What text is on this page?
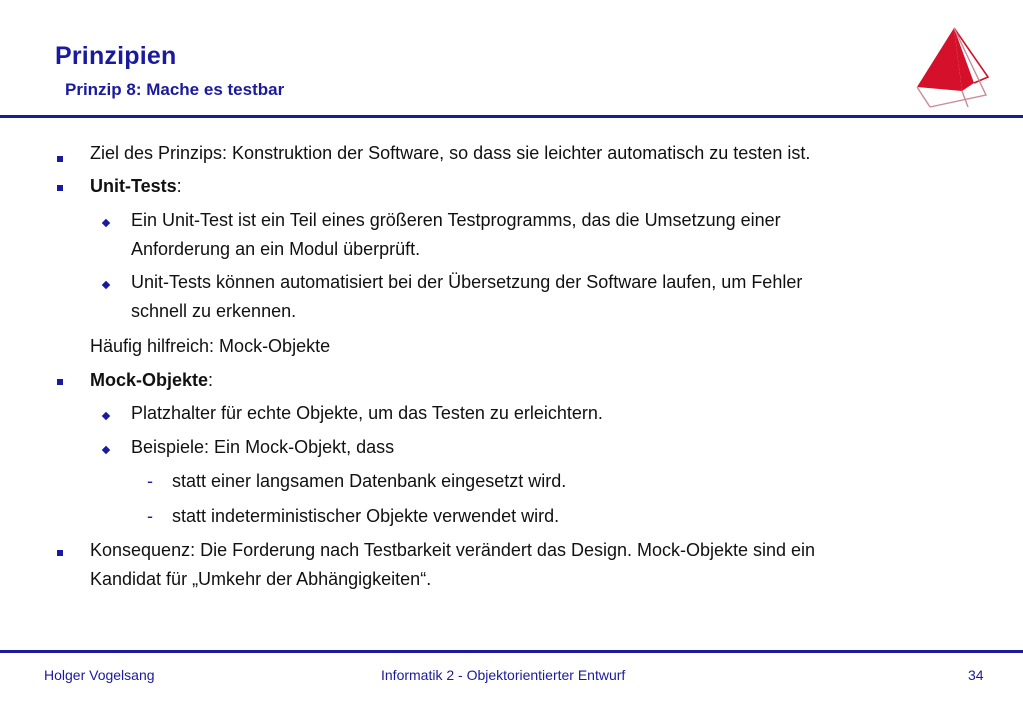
Prinzipien
Prinzip 8: Mache es testbar
Ziel des Prinzips: Konstruktion der Software, so dass sie leichter automatisch zu testen ist.
Unit-Tests:
Ein Unit-Test ist ein Teil eines größeren Testprogramms, das die Umsetzung einer
Anforderung an ein Modul überprüft.
Unit-Tests können automatisiert bei der Übersetzung der Software laufen, um Fehler
schnell zu erkennen.
Häufig hilfreich: Mock-Objekte
Mock-Objekte:
Platzhalter für echte Objekte, um das Testen zu erleichtern.
Beispiele: Ein Mock-Objekt, dass
- statt einer langsamen Datenbank eingesetzt wird.
- statt indeterministischer Objekte verwendet wird.
Konsequenz: Die Forderung nach Testbarkeit verändert das Design. Mock-Objekte sind ein
Kandidat für „Umkehr der Abhängigkeiten“.
Holger Vogelsang	Informatik 2 - Objektorientierter Entwurf	34
